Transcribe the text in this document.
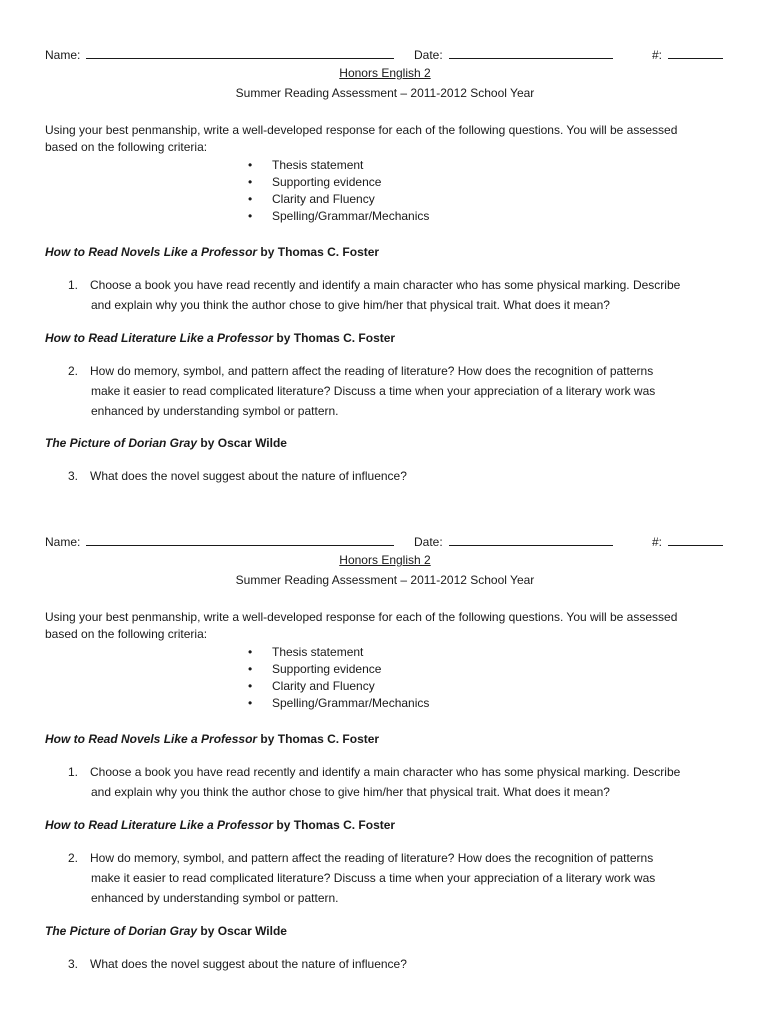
Name:	Date:	#:
Honors English 2
Summer Reading Assessment – 2011-2012 School Year
Using your best penmanship, write a well-developed response for each of the following questions. You will be assessed
based on the following criteria:
• Thesis statement
• Supporting evidence
• Clarity and Fluency
• Spelling/Grammar/Mechanics
How to Read Novels Like a Professor by Thomas C. Foster
1. Choose a book you have read recently and identify a main character who has some physical marking. Describe
and explain why you think the author chose to give him/her that physical trait. What does it mean?
How to Read Literature Like a Professor by Thomas C. Foster
2. How do memory, symbol, and pattern affect the reading of literature? How does the recognition of patterns
make it easier to read complicated literature? Discuss a time when your appreciation of a literary work was
enhanced by understanding symbol or pattern.
The Picture of Dorian Gray by Oscar Wilde
3. What does the novel suggest about the nature of influence?
Name:	Date:	#:
Honors English 2
Summer Reading Assessment – 2011-2012 School Year
Using your best penmanship, write a well-developed response for each of the following questions. You will be assessed
based on the following criteria:
• Thesis statement
• Supporting evidence
• Clarity and Fluency
• Spelling/Grammar/Mechanics
How to Read Novels Like a Professor by Thomas C. Foster
1. Choose a book you have read recently and identify a main character who has some physical marking. Describe
and explain why you think the author chose to give him/her that physical trait. What does it mean?
How to Read Literature Like a Professor by Thomas C. Foster
2. How do memory, symbol, and pattern affect the reading of literature? How does the recognition of patterns
make it easier to read complicated literature? Discuss a time when your appreciation of a literary work was
enhanced by understanding symbol or pattern.
The Picture of Dorian Gray by Oscar Wilde
3. What does the novel suggest about the nature of influence?
